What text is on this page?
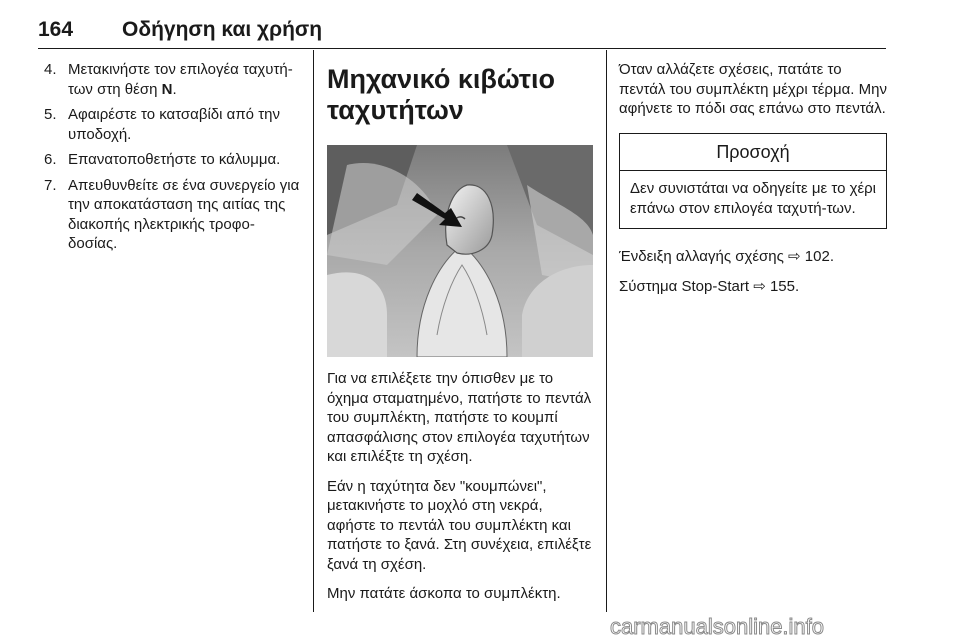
164 Οδήγηση και χρήση
4. Μετακινήστε τον επιλογέα ταχυτή-των στη θέση N.
5. Αφαιρέστε το κατσαβίδι από την υποδοχή.
6. Επανατοποθετήστε το κάλυμμα.
7. Απευθυνθείτε σε ένα συνεργείο για την αποκατάσταση της αιτίας της διακοπής ηλεκτρικής τροφο-δοσίας.
Μηχανικό κιβώτιο ταχυτήτων

Για να επιλέξετε την όπισθεν με το όχημα σταματημένο, πατήστε το πεντάλ του συμπλέκτη, πατήστε το κουμπί απασφάλισης στον επιλογέα ταχυτήτων και επιλέξτε τη σχέση.

Εάν η ταχύτητα δεν "κουμπώνει", μετακινήστε το μοχλό στη νεκρά, αφήστε το πεντάλ του συμπλέκτη και πατήστε το ξανά. Στη συνέχεια, επιλέξτε ξανά τη σχέση.

Μην πατάτε άσκοπα το συμπλέκτη.

Όταν αλλάζετε σχέσεις, πατάτε το πεντάλ του συμπλέκτη μέχρι τέρμα. Μην αφήνετε το πόδι σας επάνω στο πεντάλ.

Προσοχή
Δεν συνιστάται να οδηγείτε με το χέρι επάνω στον επιλογέα ταχυτή-των.
Ένδειξη αλλαγής σχέσης ⇨ 102.
Σύστημα Stop-Start ⇨ 155.
carmanualsonline.info
